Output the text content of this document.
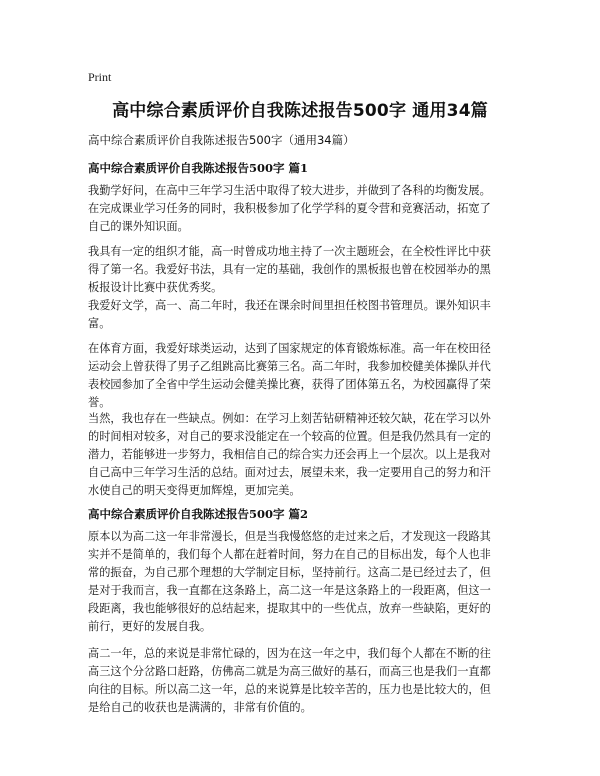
Print
高中综合素质评价自我陈述报告500字 通用34篇
高中综合素质评价自我陈述报告500字（通用34篇）
高中综合素质评价自我陈述报告500字 篇1
我勤学好问，在高中三年学习生活中取得了较大进步，并做到了各科的均衡发展。
在完成课业学习任务的同时，我积极参加了化学学科的夏令营和竞赛活动，拓宽了
自己的课外知识面。
我具有一定的组织才能，高一时曾成功地主持了一次主题班会，在全校性评比中获
得了第一名。我爱好书法，具有一定的基础，我创作的黑板报也曾在校园举办的黑
板报设计比赛中获优秀奖。
我爱好文学，高一、高二年时，我还在课余时间里担任校图书管理员。课外知识丰
富。
在体育方面，我爱好球类运动，达到了国家规定的体育锻炼标准。高一年在校田径
运动会上曾获得了男子乙组跳高比赛第三名。高二年时，我参加校健美体操队并代
表校园参加了全省中学生运动会健美操比赛，获得了团体第五名，为校园赢得了荣
誉。
当然，我也存在一些缺点。例如：在学习上刻苦钻研精神还较欠缺，花在学习以外
的时间相对较多，对自己的要求没能定在一个较高的位置。但是我仍然具有一定的
潜力，若能够进一步努力，我相信自己的综合实力还会再上一个层次。以上是我对
自己高中三年学习生活的总结。面对过去，展望未来，我一定要用自己的努力和汗
水使自己的明天变得更加辉煌，更加完美。
高中综合素质评价自我陈述报告500字 篇2
原本以为高二这一年非常漫长，但是当我慢悠悠的走过来之后，才发现这一段路其
实并不是简单的，我们每个人都在赶着时间，努力在自己的目标出发，每个人也非
常的振奋，为自己那个理想的大学制定目标，坚持前行。这高二是已经过去了，但
是对于我而言，我一直都在这条路上，高二这一年是这条路上的一段距离，但这一
段距离，我也能够很好的总结起来，提取其中的一些优点，放弃一些缺陷，更好的
前行，更好的发展自我。
高二一年，总的来说是非常忙碌的，因为在这一年之中，我们每个人都在不断的往
高三这个分岔路口赶路，仿佛高二就是为高三做好的基石，而高三也是我们一直都
向往的目标。所以高二这一年，总的来说算是比较辛苦的，压力也是比较大的，但
是给自己的收获也是满满的，非常有价值的。
